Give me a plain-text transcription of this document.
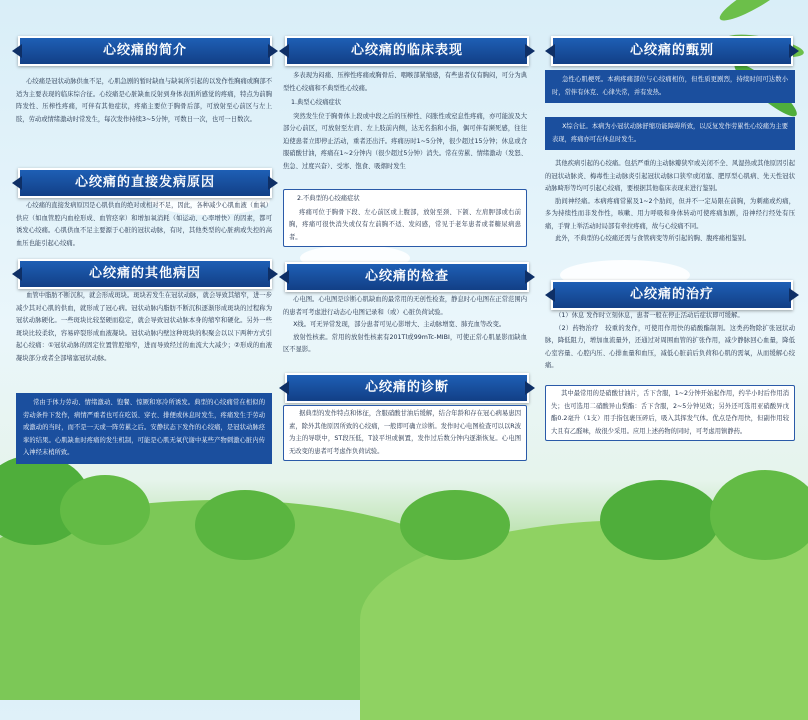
心绞痛的简介

心绞痛是冠状动脉供血不足，心肌急剧的暂时缺血与缺氧所引起的以发作性胸痛或胸部不适为主要表现的临床综合征。心绞痛是心脏缺血反射到身体表面所感觉的疼痛，特点为前胸阵发性、压榨性疼痛，可伴有其他症状，疼痛主要位于胸骨后部，可放射至心前区与左上肢，劳动或情绪激动时常发生，每次发作持续3~5分钟，可数日一次，也可一日数次。

心绞痛的直接发病原因

心绞痛的直接发病原因是心肌供血的绝对或相对不足，因此，各种减少心肌血液（血氧）供应（如血管腔内血栓形成、血管痉挛）和增加氧消耗（如运动、心率增快）的因素，都可诱发心绞痛。心肌供血不足主要源于心脏的冠状动脉，有时，其他类型的心脏病或失控的高血压也能引起心绞痛。

心绞痛的其他病因

血管中脂肪不断沉积，就会形成斑块。斑块若发生在冠状动脉，就会导致其缩窄，进一步减少其对心肌的供血，就形成了冠心病。冠状动脉内脂肪不断沉积逐渐形成斑块的过程称为冠状动脉硬化。一些斑块比较坚硬而稳定，就会导致冠状动脉本身的缩窄和硬化。另外一些斑块比较柔软，容易碎裂形成血液凝块。冠状动脉内壁这种斑块的积聚会以以下两种方式引起心绞痛：①冠状动脉的固定位置管腔缩窄，进而导致经过的血流大大减少；②形成的血液凝块部分或者全部堵塞冠状动脉。

常由于体力劳动、情绪激动、饱餐、惊厥和寒冷所诱发。典型的心绞痛常在相似的劳动条件下发作，病情严重者也可在吃饭、穿衣、排便或休息时发生，疼痛发生于劳动或激动的当时，而不是一天或一阵劳累之后。安静状态下发作的心绞痛，是冠状动脉痉挛的结果。心肌缺血时疼痛的发生机制，可能是心肌无氧代谢中某些产物刺激心脏内传入神经末梢所致。

心绞痛的临床表现

多表现为闷痛、压榨性疼痛或胸骨后、咽喉部紧缩感，有些患者仅有胸闷，可分为典型性心绞痛和不典型性心绞痛。

1.典型心绞痛症状

突然发生位于胸骨体上段或中段之后的压榨性、闷胀性或窒息性疼痛，亦可能波及大部分心前区，可放射至左肩、左上肢前内侧，达无名指和小指，偶可伴有濒死感，往往迫使患者立即停止活动，重者还出汗。疼痛历时1~5分钟，很少超过15分钟；休息或含服硝酸甘油，疼痛在1~2分钟内（很少超过5分钟）消失。常在劳累、情绪激动（发怒、焦急、过度兴奋）、受寒、饱食、吸烟时发生

2.不典型的心绞痛症状

疼痛可位于胸骨下段、左心前区或上腹部，放射至颈、下颌、左肩胛部或右前胸，疼痛可很快消失或仅有左前胸不适、发闷感，常见于老年患者或者糖尿病患者。

心绞痛的检查

心电图。心电图是诊断心肌缺血的最常用的无创性检查，静息时心电图在正常范围内的患者可考虑进行动态心电图记录和（或）心脏负荷试验。

X线。可无异常发现，部分患者可见心影增大、主动脉增宽、肺充血等改变。

放射性核素。常用的放射性核素有201Tl或99mTc-MIBI，可使正常心肌显影而缺血区不显影。

心绞痛的诊断

据典型的发作特点和体征，含服硝酸甘油后缓解，结合年龄和存在冠心病易患因素，除外其他原因所致的心绞痛，一般即可确立诊断。发作时心电图检查可以以R波为主的导联中，ST段压低，T波平坦或倒置，发作过后数分钟内逐渐恢复。心电图无改变的患者可考虑作负荷试验。

心绞痛的甄别

急性心肌梗死。本病疼痛部位与心绞痛相仿，但性质更剧烈，持续时间可达数小时，常伴有休克、心律失常，并有发热。

X综合征。本病为小冠状动脉舒缩功能障碍所致，以反复发作劳累性心绞痛为主要表现，疼痛亦可在休息时发生。

其他疾病引起的心绞痛。包括严重的主动脉瓣狭窄或关闭不全、风湿热或其他原因引起的冠状动脉炎、梅毒性主动脉炎引起冠状动脉口狭窄或闭塞、肥厚型心肌病、先天性冠状动脉畸形等均可引起心绞痛，要根据其他临床表现来进行鉴别。

肋间神经痛。本病疼痛常累及1~2个肋间，但并不一定局限在前胸，为刺痛或灼痛，多为持续性而非发作性，咳嗽、用力呼吸和身体转动可使疼痛加剧，沿神经行经处有压痛，手臂上举活动时局部有牵拉疼痛，故与心绞痛不同。

此外，不典型的心绞痛还需与食管病变等所引起的胸、腹疼痛相鉴别。

心绞痛的治疗

（1）休息 发作时立刻休息，患者一般在停止活动后症状即可缓解。

（2）药物治疗　较重的发作，可使用作用快的硝酸酯制剂。这类药物除扩张冠状动脉，降低阻力，增加血流量外，还通过对周围血管的扩张作用，减少静脉回心血量，降低心室容量、心腔内压、心排血量和血压，减低心脏前后负荷和心肌的需氧，从而缓解心绞痛。

其中最常用的是硝酸甘油片，舌下含服，1~2分钟开始起作用，约半小时后作用消失；也可选用二硝酸异山梨酯：舌下含服，2~5分钟见效；另外还可选用亚硝酸异戊酯0.2毫升（1支）用手指包裹压碎后，吸入其挥发气体。优点是作用快，但副作用较大且有乙醛味，故很少采用。应用上述药物的同时，可考虑用镇静药。
